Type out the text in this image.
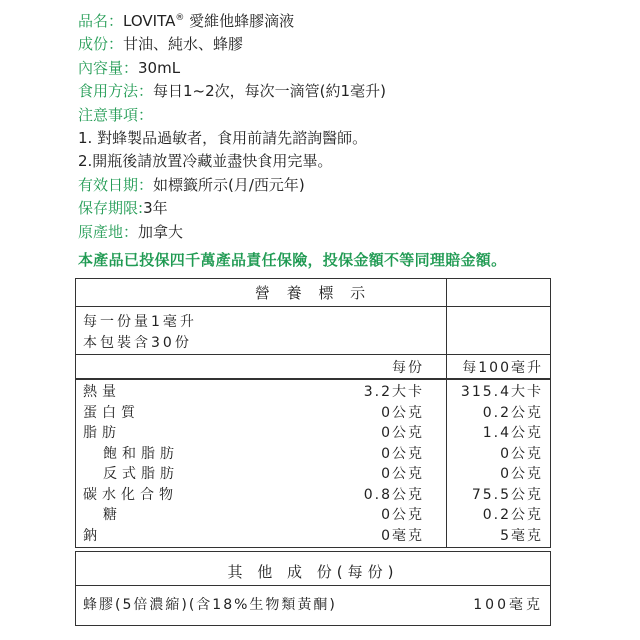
品名：LOVITA® 愛維他蜂膠滴液
成份：甘油、純水、蜂膠
內容量：30mL
食用方法：每日1~2次，每次一滴管(約1毫升)
注意事項：
1. 對蜂製品過敏者，食用前請先諮詢醫師。
2.開瓶後請放置冷藏並盡快食用完畢。
有效日期：如標籤所示(月/西元年)
保存期限:3年
原產地：加拿大
本產品已投保四千萬產品責任保險，投保金額不等同理賠金額。
營 養 標 示
每一份量1毫升
本包裝含30份
每份	每100毫升
熱量	3.2大卡	315.4大卡
蛋白質	0公克	0.2公克
脂肪	0公克	1.4公克
飽和脂肪	0公克	0公克
反式脂肪	0公克	0公克
碳水化合物	0.8公克	75.5公克
糖	0公克	0.2公克
鈉	0毫克	5毫克
其 他 成 份(每份)
蜂膠(5倍濃縮)(含18%生物類黃酮)	100毫克
